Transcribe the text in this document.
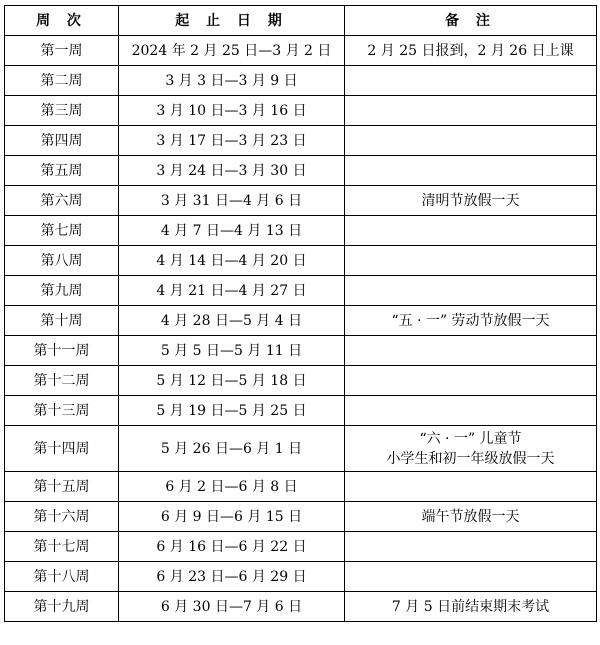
周 次	起 止 日 期	备 注
第一周	2024 年 2 月 25 日—3 月 2 日	2 月 25 日报到，2 月 26 日上课

第二周	3 月 3 日—3 月 9 日	
第三周	3 月 10 日—3 月 16 日	
第四周	3 月 17 日—3 月 23 日	
第五周	3 月 24 日—3 月 30 日	
第六周	3 月 31 日—4 月 6 日	清明节放假一天

第七周	4 月 7 日—4 月 13 日	
第八周	4 月 14 日—4 月 20 日	
第九周	4 月 21 日—4 月 27 日	
第十周	4 月 28 日—5 月 4 日	“五 · 一” 劳动节放假一天

第十一周	5 月 5 日—5 月 11 日	
第十二周	5 月 12 日—5 月 18 日	
第十三周	5 月 19 日—5 月 25 日	
第十四周	5 月 26 日—6 月 1 日	“六 · 一” 儿童节
小学生和初一年级放假一天

第十五周	6 月 2 日—6 月 8 日	
第十六周	6 月 9 日—6 月 15 日	端午节放假一天

第十七周	6 月 16 日—6 月 22 日	
第十八周	6 月 23 日—6 月 29 日	
第十九周	6 月 30 日—7 月 6 日	7 月 5 日前结束期末考试
